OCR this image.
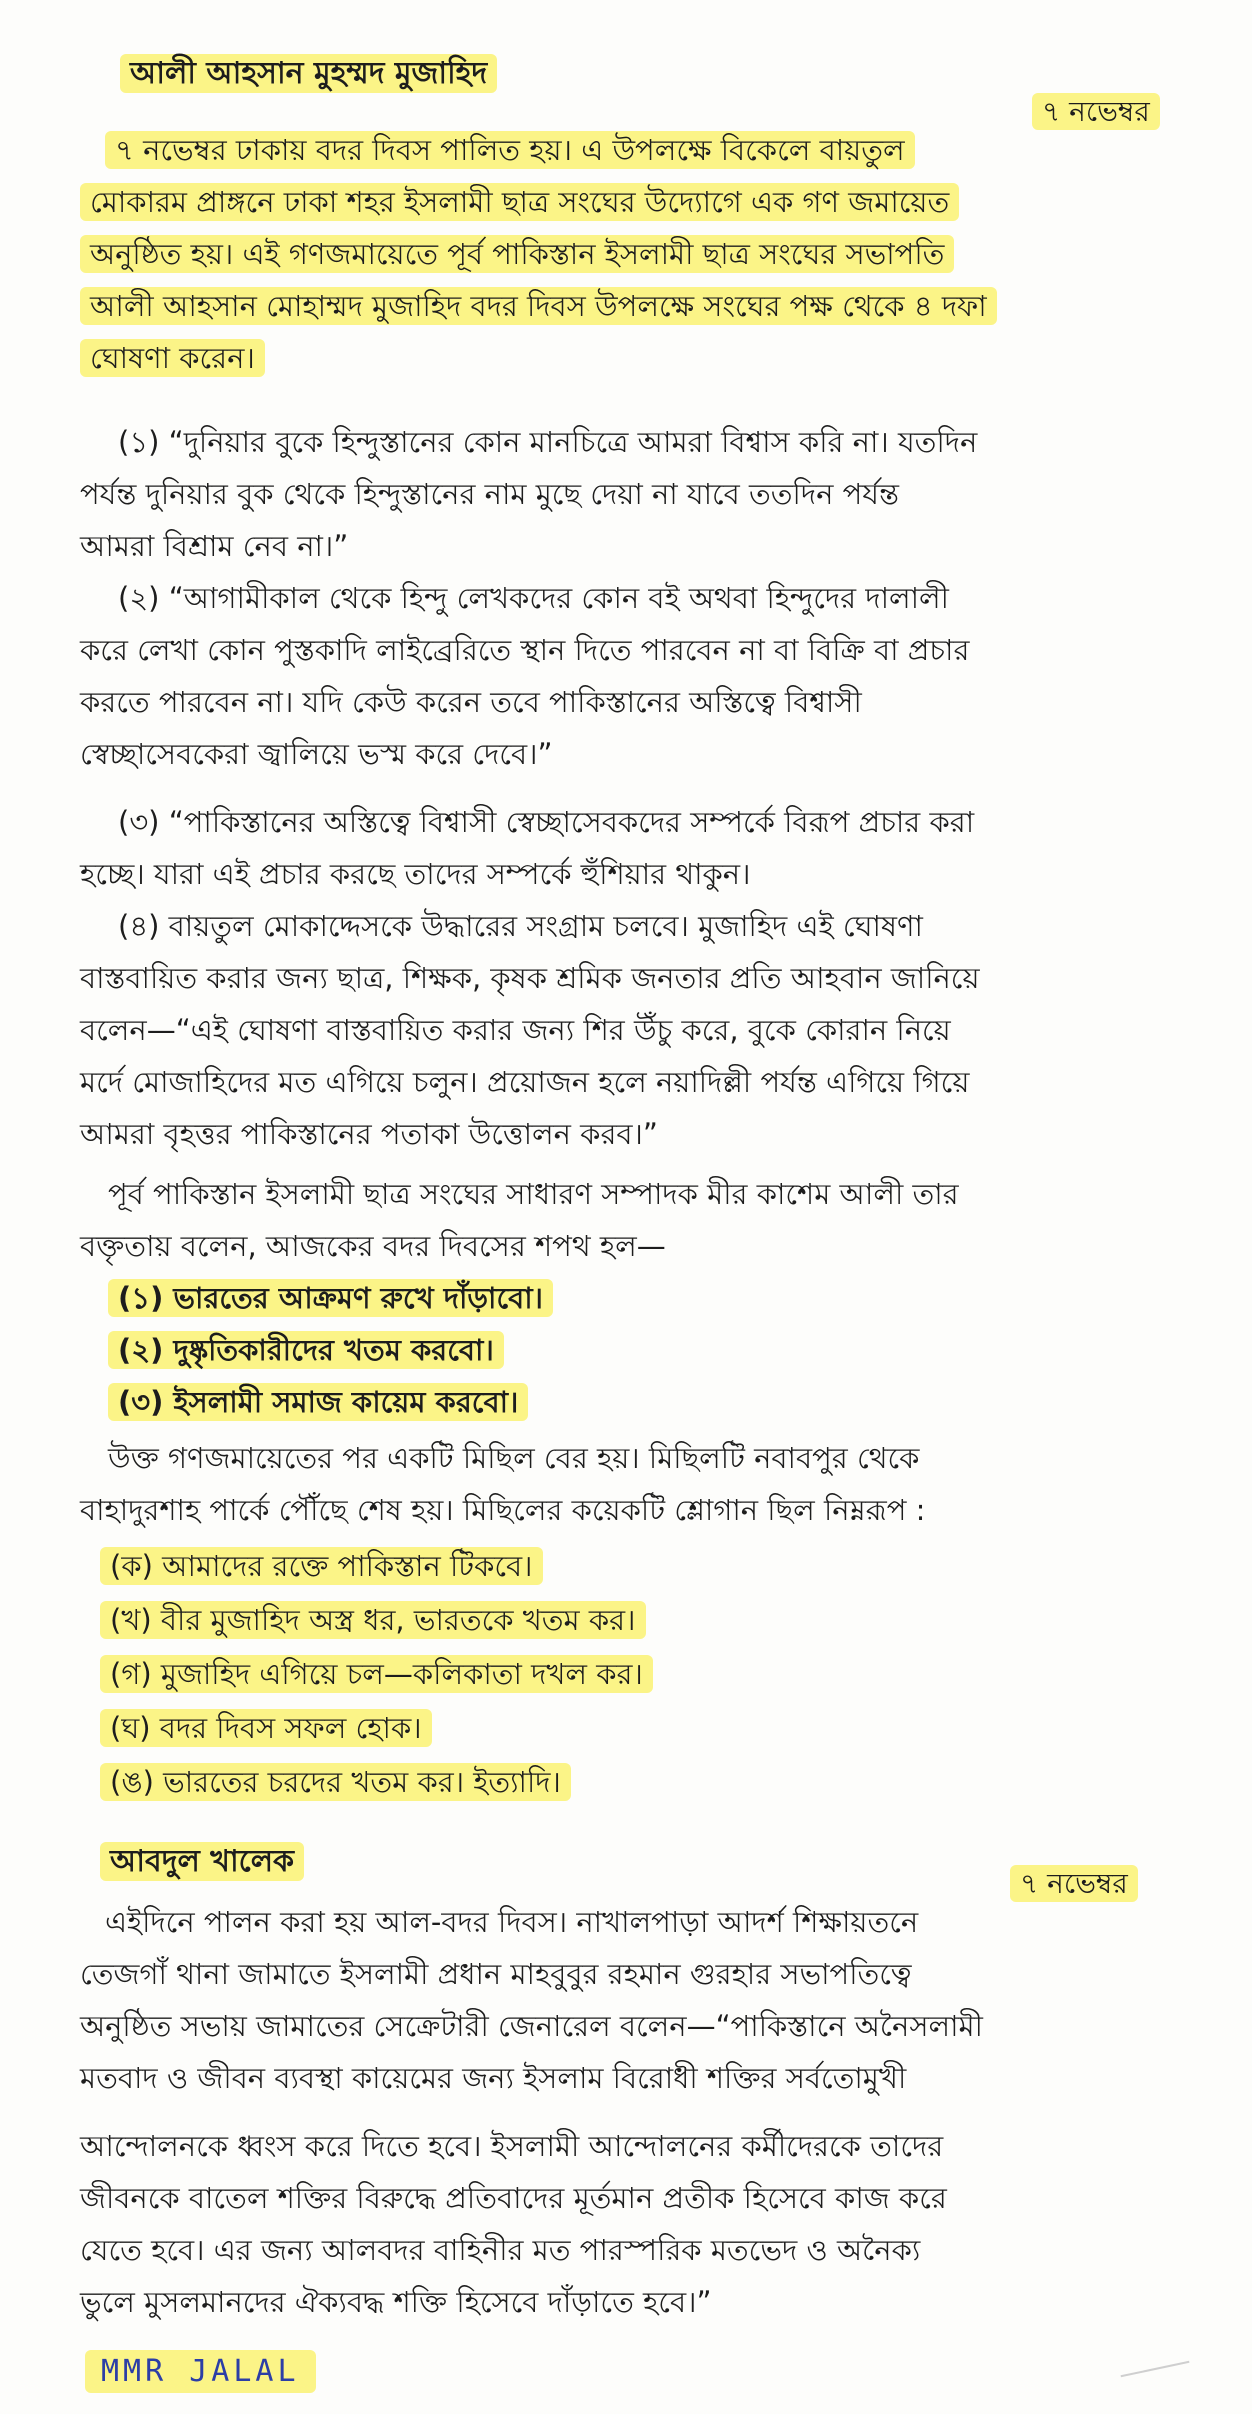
আলী আহসান মুহম্মদ মুজাহিদ
৭ নভেম্বর
৭ নভেম্বর ঢাকায় বদর দিবস পালিত হয়। এ উপলক্ষে বিকেলে বায়তুল
মোকারম প্রাঙ্গনে ঢাকা শহর ইসলামী ছাত্র সংঘের উদ্যোগে এক গণ জমায়েত
অনুষ্ঠিত হয়। এই গণজমায়েতে পূর্ব পাকিস্তান ইসলামী ছাত্র সংঘের সভাপতি
আলী আহসান মোহাম্মদ মুজাহিদ বদর দিবস উপলক্ষে সংঘের পক্ষ থেকে ৪ দফা
ঘোষণা করেন।
(১) “দুনিয়ার বুকে হিন্দুস্তানের কোন মানচিত্রে আমরা বিশ্বাস করি না। যতদিন
পর্যন্ত দুনিয়ার বুক থেকে হিন্দুস্তানের নাম মুছে দেয়া না যাবে ততদিন পর্যন্ত
আমরা বিশ্রাম নেব না।”
(২) “আগামীকাল থেকে হিন্দু লেখকদের কোন বই অথবা হিন্দুদের দালালী
করে লেখা কোন পুস্তকাদি লাইব্রেরিতে স্থান দিতে পারবেন না বা বিক্রি বা প্রচার
করতে পারবেন না। যদি কেউ করেন তবে পাকিস্তানের অস্তিত্বে বিশ্বাসী
স্বেচ্ছাসেবকেরা জ্বালিয়ে ভস্ম করে দেবে।”
(৩) “পাকিস্তানের অস্তিত্বে বিশ্বাসী স্বেচ্ছাসেবকদের সম্পর্কে বিরূপ প্রচার করা
হচ্ছে। যারা এই প্রচার করছে তাদের সম্পর্কে হুঁশিয়ার থাকুন।
(৪) বায়তুল মোকাদ্দেসকে উদ্ধারের সংগ্রাম চলবে। মুজাহিদ এই ঘোষণা
বাস্তবায়িত করার জন্য ছাত্র, শিক্ষক, কৃষক শ্রমিক জনতার প্রতি আহবান জানিয়ে
বলেন—“এই ঘোষণা বাস্তবায়িত করার জন্য শির উঁচু করে, বুকে কোরান নিয়ে
মর্দে মোজাহিদের মত এগিয়ে চলুন। প্রয়োজন হলে নয়াদিল্লী পর্যন্ত এগিয়ে গিয়ে
আমরা বৃহত্তর পাকিস্তানের পতাকা উত্তোলন করব।”
পূর্ব পাকিস্তান ইসলামী ছাত্র সংঘের সাধারণ সম্পাদক মীর কাশেম আলী তার
বক্তৃতায় বলেন, আজকের বদর দিবসের শপথ হল—
(১) ভারতের আক্রমণ রুখে দাঁড়াবো।
(২) দুষ্কৃতিকারীদের খতম করবো।
(৩) ইসলামী সমাজ কায়েম করবো।
উক্ত গণজমায়েতের পর একটি মিছিল বের হয়। মিছিলটি নবাবপুর থেকে
বাহাদুরশাহ পার্কে পৌঁছে শেষ হয়। মিছিলের কয়েকটি শ্লোগান ছিল নিম্নরূপ :
(ক) আমাদের রক্তে পাকিস্তান টিকবে।
(খ) বীর মুজাহিদ অস্ত্র ধর, ভারতকে খতম কর।
(গ) মুজাহিদ এগিয়ে চল—কলিকাতা দখল কর।
(ঘ) বদর দিবস সফল হোক।
(ঙ) ভারতের চরদের খতম কর। ইত্যাদি।
আবদুল খালেক
৭ নভেম্বর
এইদিনে পালন করা হয় আল-বদর দিবস। নাখালপাড়া আদর্শ শিক্ষায়তনে
তেজগাঁ থানা জামাতে ইসলামী প্রধান মাহবুবুর রহমান গুরহার সভাপতিত্বে
অনুষ্ঠিত সভায় জামাতের সেক্রেটারী জেনারেল বলেন—“পাকিস্তানে অনৈসলামী
মতবাদ ও জীবন ব্যবস্থা কায়েমের জন্য ইসলাম বিরোধী শক্তির সর্বতোমুখী
আন্দোলনকে ধ্বংস করে দিতে হবে। ইসলামী আন্দোলনের কর্মীদেরকে তাদের
জীবনকে বাতেল শক্তির বিরুদ্ধে প্রতিবাদের মূর্তমান প্রতীক হিসেবে কাজ করে
যেতে হবে। এর জন্য আলবদর বাহিনীর মত পারস্পরিক মতভেদ ও অনৈক্য
ভুলে মুসলমানদের ঐক্যবদ্ধ শক্তি হিসেবে দাঁড়াতে হবে।”
MMR JALAL
